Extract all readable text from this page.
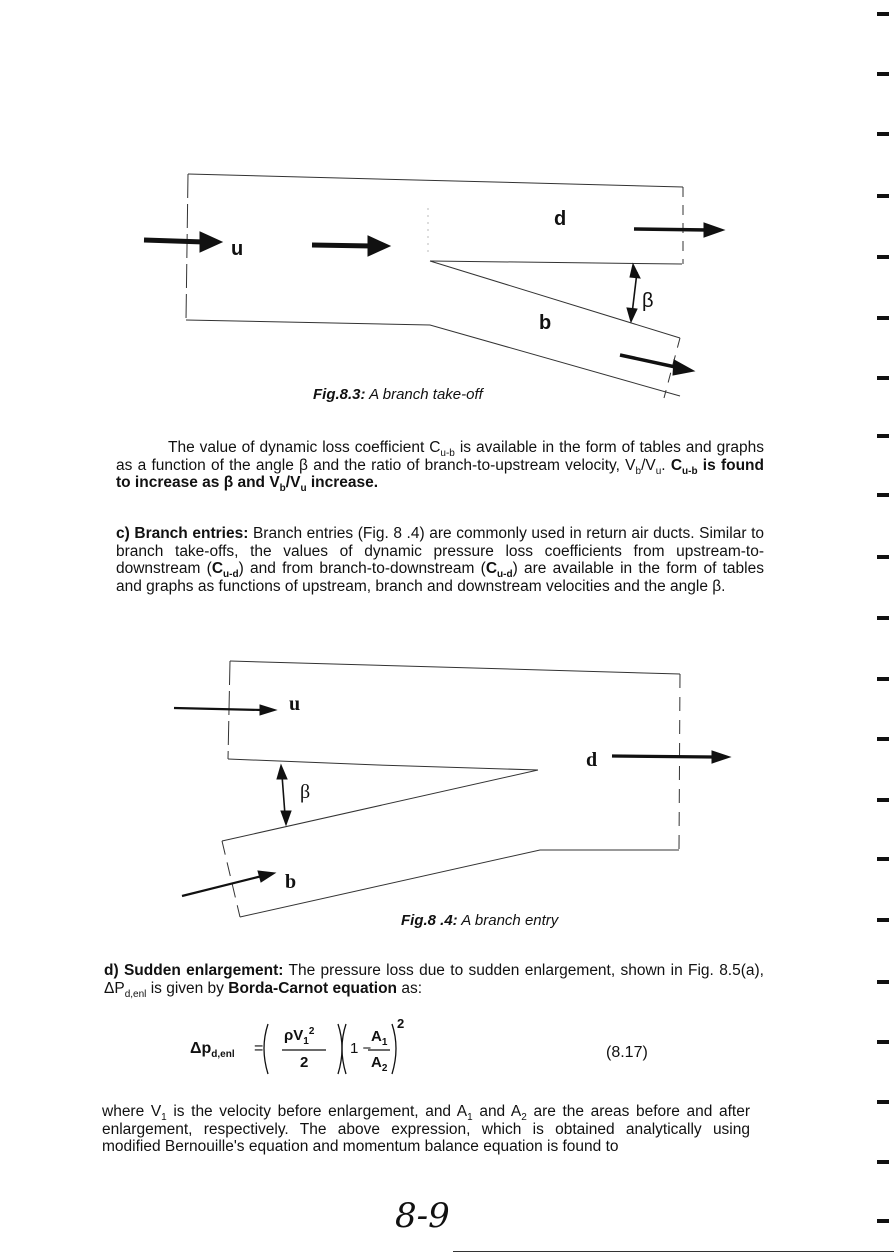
u
d
b
β
Fig.8.3: A branch take-off

The value of dynamic loss coefficient $C_{u-b}$ is available in the form of tables and graphs as a function of the angle β and the ratio of branch-to-upstream velocity, $V_b/V_u$. $C_{u-b}$ is found to increase as β and $V_b/V_u$ increase.

c) Branch entries: Branch entries (Fig. 8 .4) are commonly used in return air ducts. Similar to branch take-offs, the values of dynamic pressure loss coefficients from upstream-to-downstream $(C_{u-d})$ and from branch-to-downstream $(C_{u-d})$ are available in the form of tables and graphs as functions of upstream, branch and downstream velocities and the angle β.

u
d
b
β
Fig.8 .4: A branch entry

d) Sudden enlargement: The pressure loss due to sudden enlargement, shown in Fig. 8.5(a), $\Delta P_{d,enl}$ is given by Borda-Carnot equation as:

$\Delta p_{d,enl}$ =
$\rho V_1^2$
2
1 −
$A_1$
$A_2$
2
(8.17)

where $V_1$ is the velocity before enlargement, and $A_1$ and $A_2$ are the areas before and after enlargement, respectively. The above expression, which is obtained analytically using modified Bernouille's equation and momentum balance equation is found to

8-9
